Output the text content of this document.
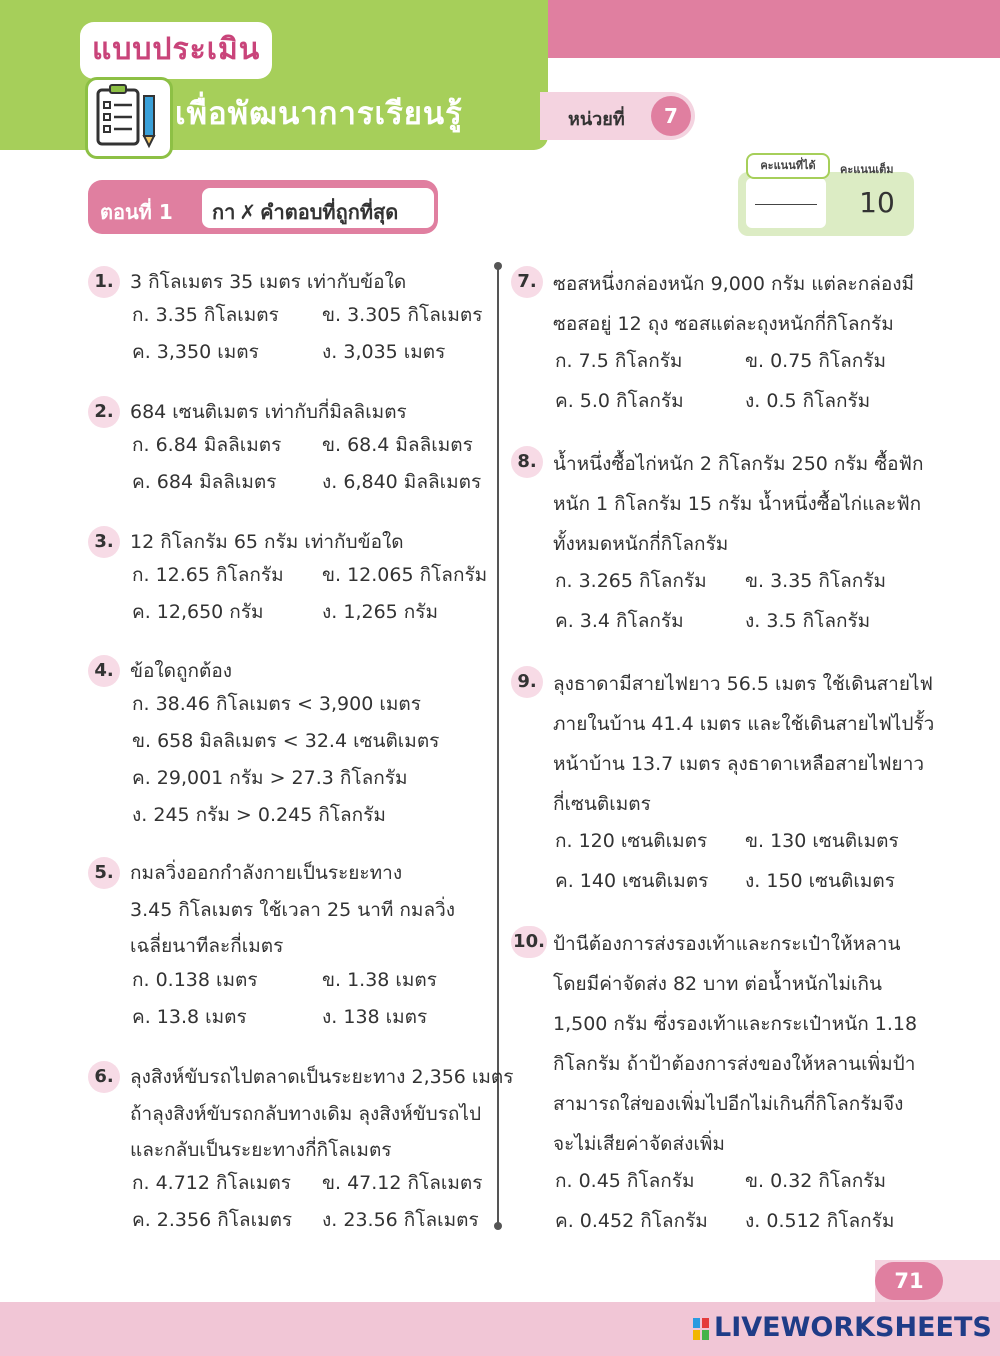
แบบประเมิน
เพื่อพัฒนาการเรียนรู้	หน่วยที่	7
คะแนนที่ได้	คะแนนเต็ม
10
ตอนที่ 1 กา ✗ คำตอบที่ถูกที่สุด
1. 3 กิโลเมตร 35 เมตร เท่ากับข้อใด
ก. 3.35 กิโลเมตร ข. 3.305 กิโลเมตร
ค. 3,350 เมตร	ง. 3,035 เมตร
2. 684 เซนติเมตร เท่ากับกี่มิลลิเมตร
ก. 6.84 มิลลิเมตร ข. 68.4 มิลลิเมตร
ค. 684 มิลลิเมตร ง. 6,840 มิลลิเมตร
3. 12 กิโลกรัม 65 กรัม เท่ากับข้อใด
ก. 12.65 กิโลกรัม ข. 12.065 กิโลกรัม
ค. 12,650 กรัม	ง. 1,265 กรัม
4. ข้อใดถูกต้อง
ก. 38.46 กิโลเมตร < 3,900 เมตร
ข. 658 มิลลิเมตร < 32.4 เซนติเมตร
ค. 29,001 กรัม > 27.3 กิโลกรัม
ง. 245 กรัม > 0.245 กิโลกรัม
5. กมลวิ่งออกกำลังกายเป็นระยะทาง
3.45 กิโลเมตร ใช้เวลา 25 นาที กมลวิ่ง
เฉลี่ยนาทีละกี่เมตร
ก. 0.138 เมตร	ข. 1.38 เมตร
ค. 13.8 เมตร	ง. 138 เมตร
6. ลุงสิงห์ขับรถไปตลาดเป็นระยะทาง 2,356 เมตร
ถ้าลุงสิงห์ขับรถกลับทางเดิม ลุงสิงห์ขับรถไป
และกลับเป็นระยะทางกี่กิโลเมตร
ก. 4.712 กิโลเมตร ข. 47.12 กิโลเมตร
ค. 2.356 กิโลเมตร ง. 23.56 กิโลเมตร
7. ซอสหนึ่งกล่องหนัก 9,000 กรัม แต่ละกล่องมี
ซอสอยู่ 12 ถุง ซอสแต่ละถุงหนักกี่กิโลกรัม
ก. 7.5 กิโลกรัม	ข. 0.75 กิโลกรัม
ค. 5.0 กิโลกรัม	ง. 0.5 กิโลกรัม
8. น้ำหนึ่งซื้อไก่หนัก 2 กิโลกรัม 250 กรัม ซื้อฟัก
หนัก 1 กิโลกรัม 15 กรัม น้ำหนึ่งซื้อไก่และฟัก
ทั้งหมดหนักกี่กิโลกรัม
ก. 3.265 กิโลกรัม ข. 3.35 กิโลกรัม
ค. 3.4 กิโลกรัม	ง. 3.5 กิโลกรัม
9. ลุงธาดามีสายไฟยาว 56.5 เมตร ใช้เดินสายไฟ
ภายในบ้าน 41.4 เมตร และใช้เดินสายไฟไปรั้ว
หน้าบ้าน 13.7 เมตร ลุงธาดาเหลือสายไฟยาว
กี่เซนติเมตร
ก. 120 เซนติเมตร ข. 130 เซนติเมตร
ค. 140 เซนติเมตร ง. 150 เซนติเมตร
10. ป้านีต้องการส่งรองเท้าและกระเป๋าให้หลาน
โดยมีค่าจัดส่ง 82 บาท ต่อน้ำหนักไม่เกิน
1,500 กรัม ซึ่งรองเท้าและกระเป๋าหนัก 1.18
กิโลกรัม ถ้าป้าต้องการส่งของให้หลานเพิ่มป้า
สามารถใส่ของเพิ่มไปอีกไม่เกินกี่กิโลกรัมจึง
จะไม่เสียค่าจัดส่งเพิ่ม
ก. 0.45 กิโลกรัม	ข. 0.32 กิโลกรัม
ค. 0.452 กิโลกรัม ง. 0.512 กิโลกรัม
71
LIVEWORKSHEETS
